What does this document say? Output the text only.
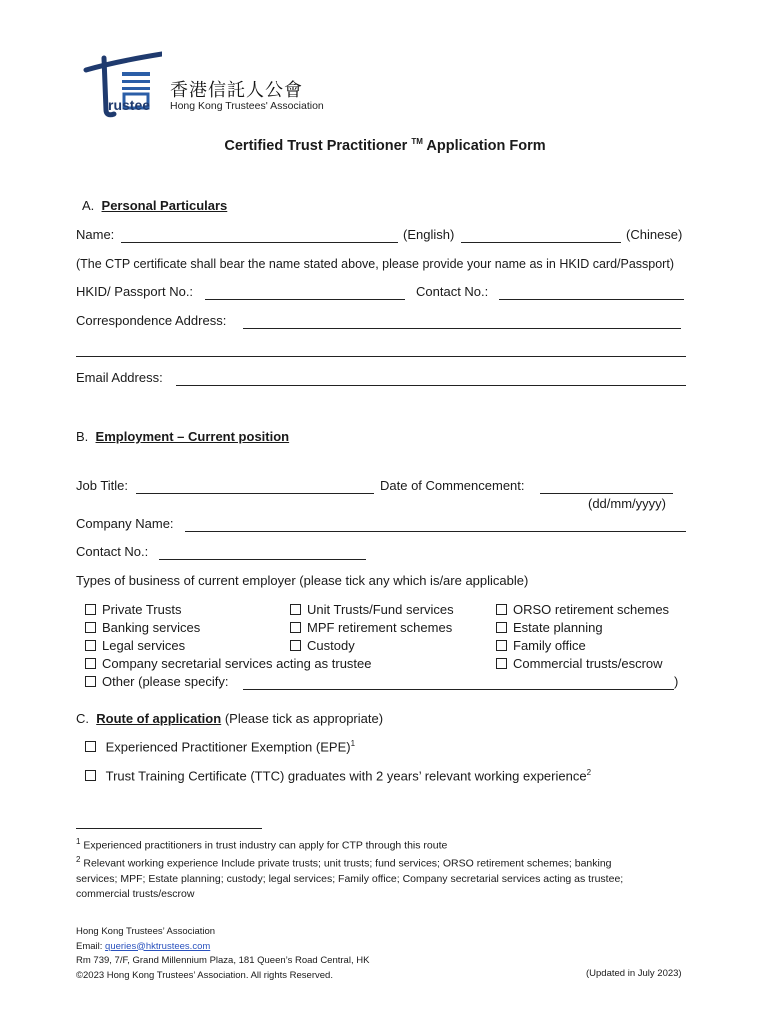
rustee
香港信託人公會
Hong Kong Trustees' Association
Certified Trust Practitioner ™ Application Form
A. Personal Particulars
Name:	(English)	(Chinese)
(The CTP certificate shall bear the name stated above, please provide your name as in HKID card/Passport)
HKID/ Passport No.:	Contact No.:
Correspondence Address:
Email Address:
B. Employment – Current position
Job Title:	Date of Commencement:
(dd/mm/yyyy)
Company Name:
Contact No.:
Types of business of current employer (please tick any which is/are applicable)
Private Trusts
Banking services
Legal services
Unit Trusts/Fund services
MPF retirement schemes
Custody
ORSO retirement schemes
Estate planning
Family office
Commercial trusts/escrow
Company secretarial services acting as trustee
Other (please specify:	)
C. Route of application (Please tick as appropriate)
Experienced Practitioner Exemption (EPE)$^1$
Trust Training Certificate (TTC) graduates with 2 years’ relevant working experience$^2$
$^1$ Experienced practitioners in trust industry can apply for CTP through this route
$^2$ Relevant working experience Include private trusts; unit trusts; fund services; ORSO retirement schemes; banking
services; MPF; Estate planning; custody; legal services; Family office; Company secretarial services acting as trustee;
commercial trusts/escrow
Hong Kong Trustees’ Association
Email: queries@hktrustees.com
Rm 739, 7/F, Grand Millennium Plaza, 181 Queen’s Road Central, HK
©2023 Hong Kong Trustees’ Association. All rights Reserved.	(Updated in July 2023)
